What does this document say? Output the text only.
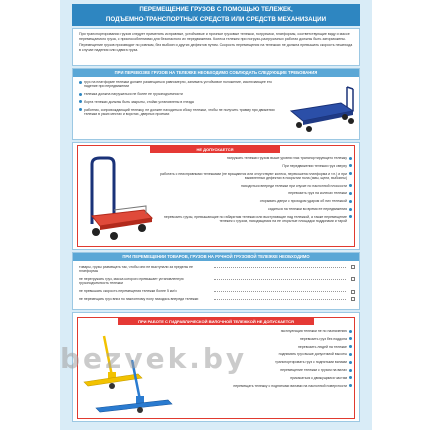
ПЕРЕМЕЩЕНИЕ ГРУЗОВ С ПОМОЩЬЮ ТЕЛЕЖЕК,
ПОДЪЕМНО-ТРАНСПОРТНЫХ СРЕДСТВ ИЛИ СРЕДСТВ МЕХАНИЗАЦИИ

При транспортировании грузов следует применять исправные, устойчивые и прочные грузовые тележки, погрузчики, платформы, соответствующие виду и массе перемещаемого груза, с приспособлениями для безопасного их передвижения. Колеса тележек при погрузо-разгрузочных работах должны быть заторможены.

Перемещение грузов производят по ровным, без выбоин и других дефектов путям. Скорость перемещения на тележках не должна превышать скорость пешехода в случае падения или сдвига груза.

ПРИ ПЕРЕВОЗКЕ ГРУЗОВ НА ТЕЛЕЖКЕ НЕОБХОДИМО СОБЛЮДАТЬ СЛЕДУЮЩИЕ ТРЕБОВАНИЯ
груз на платформе тележки должен размещаться равномерно, занимать устойчивое положение, исключающее его падение при передвижении
тележка должна нагружаться не более ее грузоподъемности
борта тележки должны быть закрыты, стойки установлены в гнезда
работник, сопровождающий тележку, не должен находиться сбоку тележки, чтобы не получить травму при движении тележки в узких местах и воротах, дверных проемах
НЕ ДОПУСКАЕТСЯ
нагружать тележки грузом выше уровня глаз транспортирующего тележку
При передвижении тележки груз сверху
работать с неисправными тележками (не вращаются или отсутствуют колеса, перекошена платформа и т.п.) и при выявленных дефектах в покрытии пола (ямы, щели, выбоины)
находиться впереди тележки при спуске по наклонной плоскости
перевозить груз на колесах тележки
открывать двери с проходом ударом об них тележкой
садиться на тележки во время ее передвижения
перевозить грузы, превышающие по габаритам тележки или выступающие над тележкой, а также перемещение тележек с грузом, находящимся на ее открытые площадки поддонами и тарой
ПРИ ПЕРЕМЕЩЕНИИ ТОВАРОВ, ГРУЗОВ НА РУЧНОЙ ГРУЗОВОЙ ТЕЛЕЖКЕ НЕОБХОДИМО
товары, грузы размещать так, чтобы они не выступали за пределы ее платформы
не перегружать груз, масса которого превышает установленную грузоподъемность тележки
не превышать скорость перемещения тележки более 5 км/ч
не перемещать груз вниз по наклонному полу находясь впереди тележки
ПРИ РАБОТЕ С ГИДРАВЛИЧЕСКОЙ ВИЛОЧНОЙ ТЕЛЕЖКОЙ НЕ ДОПУСКАЕТСЯ
эксплуатация тележки не по назначению
перевозить груз без поддона
перевозить людей на тележке
поднимать груз выше допустимой высоты
транспортировать груз с поднятыми вилами
перемещение тележки с грузом на вилах
прикасаться к движущимся частям
перемещать тележку с поднятыми вилами на наклонной поверхности
bezvek.by
